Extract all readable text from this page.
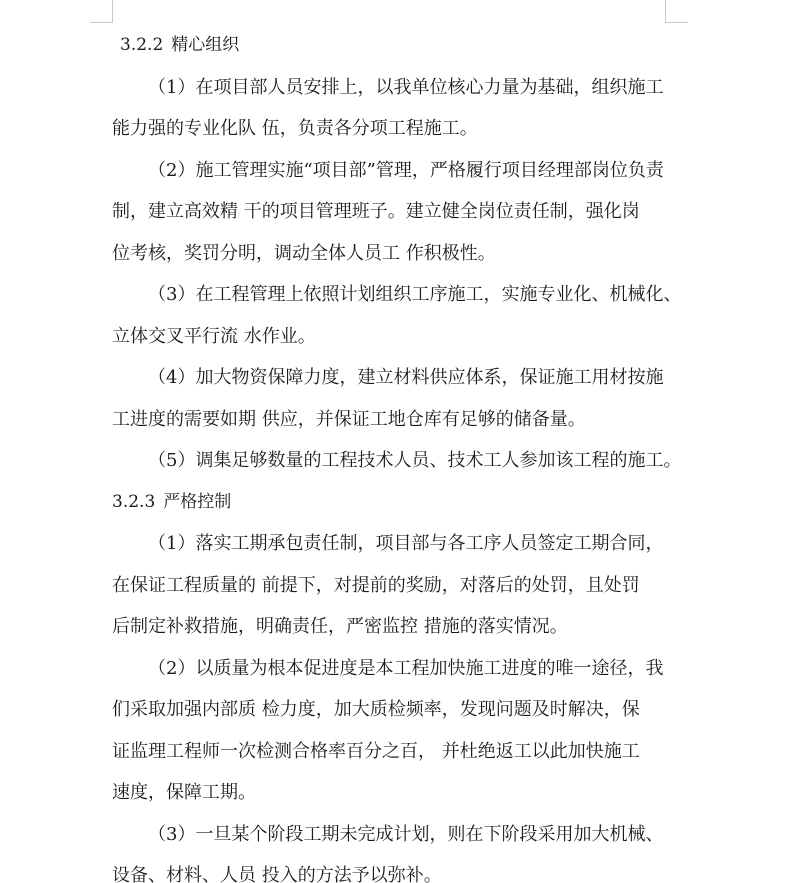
3.2.2 精心组织
（1）在项目部人员安排上，以我单位核心力量为基础，组织施工
能力强的专业化队 伍，负责各分项工程施工。
（2）施工管理实施“项目部”管理，严格履行项目经理部岗位负责
制，建立高效精 干的项目管理班子。建立健全岗位责任制，强化岗
位考核，奖罚分明，调动全体人员工 作积极性。
（3）在工程管理上依照计划组织工序施工，实施专业化、机械化、
立体交叉平行流 水作业。
（4）加大物资保障力度，建立材料供应体系，保证施工用材按施
工进度的需要如期 供应，并保证工地仓库有足够的储备量。
（5）调集足够数量的工程技术人员、技术工人参加该工程的施工。
3.2.3 严格控制
（1）落实工期承包责任制，项目部与各工序人员签定工期合同，
在保证工程质量的 前提下，对提前的奖励，对落后的处罚，且处罚
后制定补救措施，明确责任，严密监控 措施的落实情况。
（2）以质量为根本促进度是本工程加快施工进度的唯一途径，我
们采取加强内部质 检力度，加大质检频率，发现问题及时解决，保
证监理工程师一次检测合格率百分之百， 并杜绝返工以此加快施工
速度，保障工期。
（3）一旦某个阶段工期未完成计划，则在下阶段采用加大机械、
设备、材料、人员 投入的方法予以弥补。
